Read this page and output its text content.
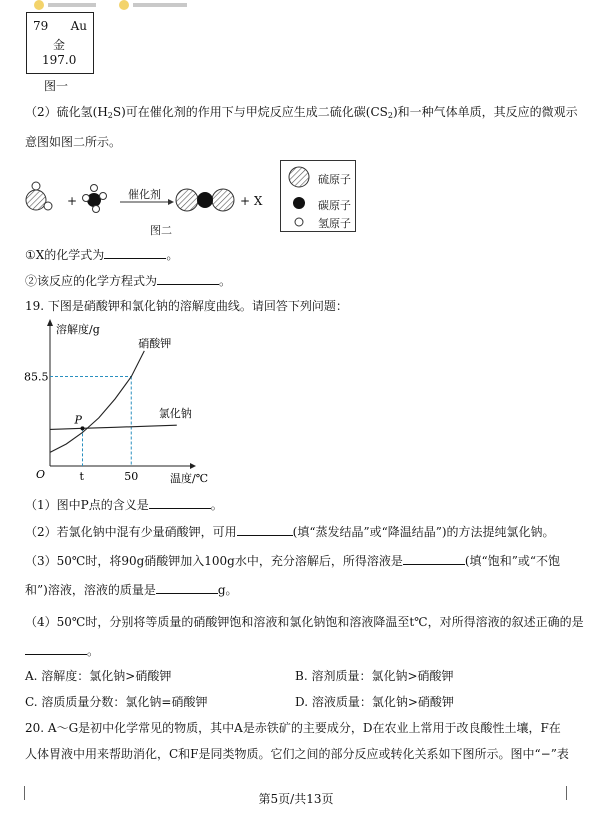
79 Au
金
197.0
图一
（2）硫化氢$(H_2S)$可在催化剂的作用下与甲烷反应生成二硫化碳$(CS_2)$和一种气体单质，其反应的微观示
意图如图二所示。
+	催化剂	+ X
图二
硫原子
碳原子
氢原子
①X的化学式为	。
②该反应的化学方程式为	。
19. 下图是硝酸钾和氯化钠的溶解度曲线。请回答下列问题：
溶解度/g
温度/℃
O
85.5
t	50
硝酸钾
氯化钠
P
（1）图中P点的含义是	。
（2）若氯化钠中混有少量硝酸钾，可用	(填“蒸发结晶”或“降温结晶”)的方法提纯氯化钠。
（3）50℃时，将90g硝酸钾加入100g水中，充分溶解后，所得溶液是	(填“饱和”或“不饱
和”)溶液，溶液的质量是	g。
（4）50℃时，分别将等质量的硝酸钾饱和溶液和氯化钠饱和溶液降温至t℃，对所得溶液的叙述正确的是
。
A. 溶解度：氯化钠>硝酸钾	B. 溶剂质量：氯化钠>硝酸钾
C. 溶质质量分数：氯化钠=硝酸钾	D. 溶液质量：氯化钠>硝酸钾
20. A～G是初中化学常见的物质，其中A是赤铁矿的主要成分，D在农业上常用于改良酸性土壤，F在
人体胃液中用来帮助消化，C和F是同类物质。它们之间的部分反应或转化关系如下图所示。图中“−”表
第5页/共13页
